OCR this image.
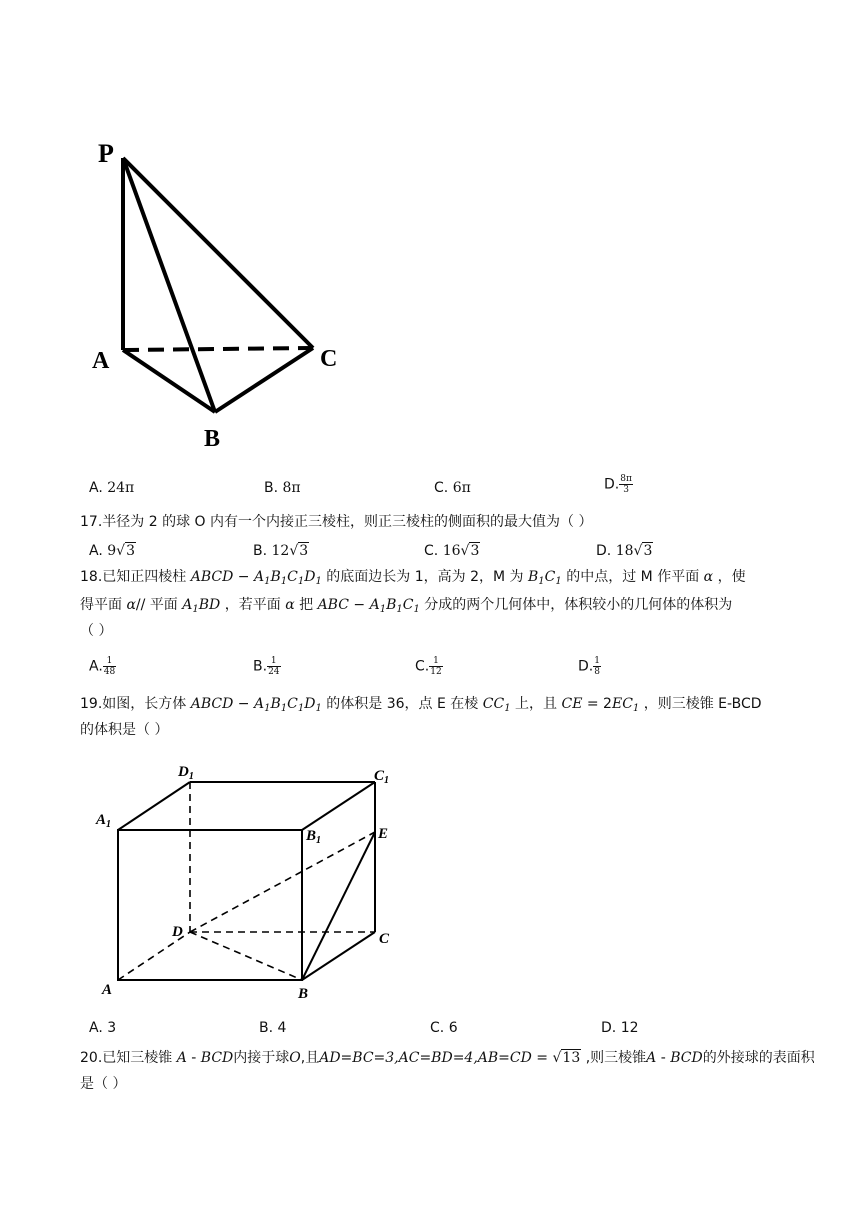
P
A
B
C
A. 24π	B. 8π	C. 6π	D. $\frac{8\pi}{3}$
17.半径为 2 的球 O 内有一个内接正三棱柱，则正三棱柱的侧面积的最大值为（ ）
A. 9√3	B. 12√3	C. 16√3	D. 18√3
18.已知正四棱柱 ABCD − $A_1B_1C_1D_1$ 的底面边长为 1，高为 2，M 为 $B_1C_1$ 的中点，过 M 作平面 α ，使
得平面 α// 平面 $A_1BD$ ，若平面 α 把 ABC − $A_1B_1C_1$ 分成的两个几何体中，体积较小的几何体的体积为
（ ）
A. $\frac{1}{48}$	B. $\frac{1}{24}$	C. $\frac{1}{12}$	D. $\frac{1}{8}$
19.如图，长方体 ABCD − $A_1B_1C_1D_1$ 的体积是 36，点 E 在棱 $CC_1$ 上，且 CE = $2EC_1$ ，则三棱锥 E-BCD
的体积是（ ）
$D_1$	$C_1$
$A_1$
$B_1$	E
D	C
A	B
A. 3	B. 4	C. 6	D. 12
20.已知三棱锥 A - BCD内接于球O,且AD=BC=3,AC=BD=4,AB=CD = √13 ,则三棱锥A - BCD的外接球的表面积
是（ ）
